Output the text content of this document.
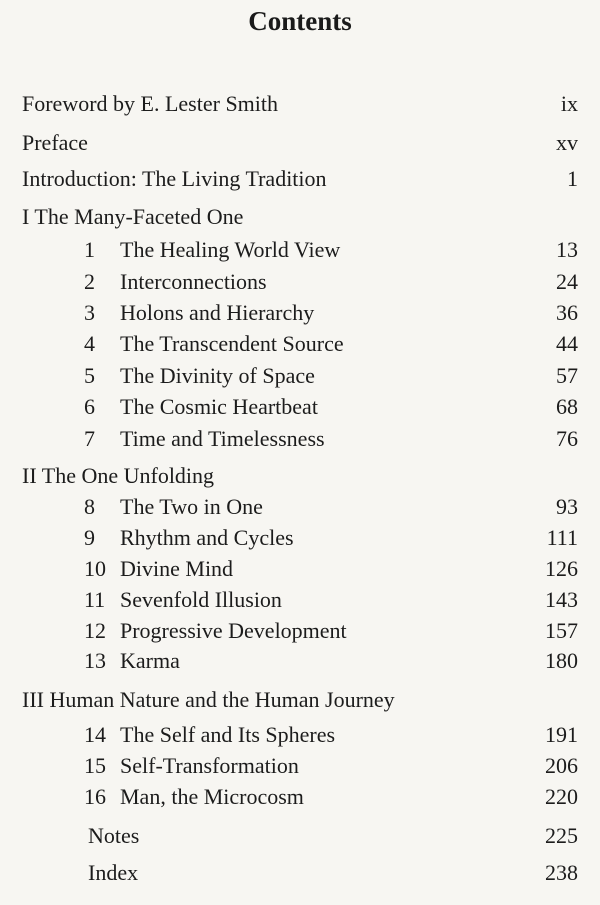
Contents
Foreword by E. Lester Smith	ix
Preface	xv
Introduction: The Living Tradition	1
I The Many-Faceted One
1	The Healing World View	13
2	Interconnections	24
3	Holons and Hierarchy	36
4	The Transcendent Source	44
5	The Divinity of Space	57
6	The Cosmic Heartbeat	68
7	Time and Timelessness	76
II The One Unfolding
8	The Two in One	93
9	Rhythm and Cycles	111
10 Divine Mind	126
11 Sevenfold Illusion	143
12 Progressive Development	157
13 Karma	180
III Human Nature and the Human Journey
14 The Self and Its Spheres	191
15 Self-Transformation	206
16 Man, the Microcosm	220
Notes	225
Index	238
